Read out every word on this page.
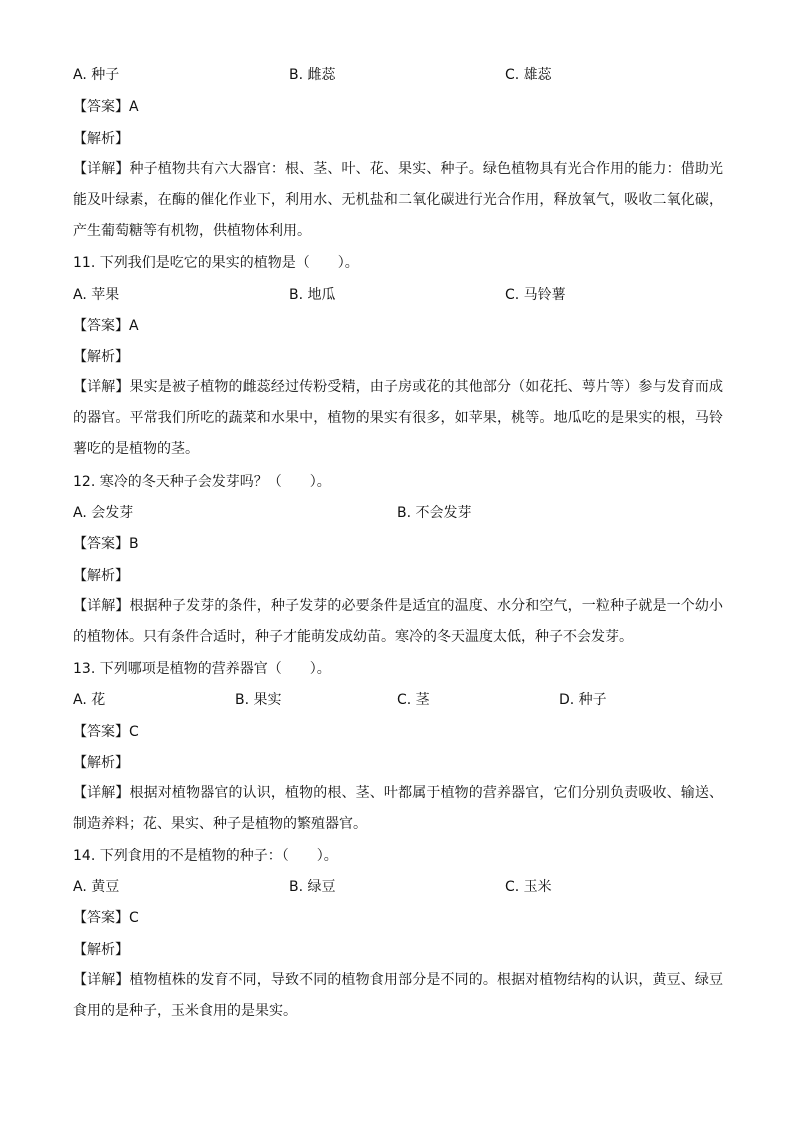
A. 种子	B. 雌蕊	C. 雄蕊
【答案】A
【解析】
【详解】种子植物共有六大器官：根、茎、叶、花、果实、种子。绿色植物具有光合作用的能力：借助光能及叶绿素，在酶的催化作业下，利用水、无机盐和二氧化碳进行光合作用，释放氧气，吸收二氧化碳，产生葡萄糖等有机物，供植物体利用。
11. 下列我们是吃它的果实的植物是（　　）。
A. 苹果	B. 地瓜	C. 马铃薯
【答案】A
【解析】
【详解】果实是被子植物的雌蕊经过传粉受精，由子房或花的其他部分（如花托、萼片等）参与发育而成的器官。平常我们所吃的蔬菜和水果中，植物的果实有很多，如苹果，桃等。地瓜吃的是果实的根，马铃薯吃的是植物的茎。
12. 寒冷的冬天种子会发芽吗？（　　）。
A. 会发芽	B. 不会发芽
【答案】B
【解析】
【详解】根据种子发芽的条件，种子发芽的必要条件是适宜的温度、水分和空气，一粒种子就是一个幼小的植物体。只有条件合适时，种子才能萌发成幼苗。寒冷的冬天温度太低，种子不会发芽。
13. 下列哪项是植物的营养器官（　　）。
A. 花	B. 果实	C. 茎	D. 种子
【答案】C
【解析】
【详解】根据对植物器官的认识，植物的根、茎、叶都属于植物的营养器官，它们分别负责吸收、输送、制造养料；花、果实、种子是植物的繁殖器官。
14. 下列食用的不是植物的种子：（　　）。
A. 黄豆	B. 绿豆	C. 玉米
【答案】C
【解析】
【详解】植物植株的发育不同，导致不同的植物食用部分是不同的。根据对植物结构的认识，黄豆、绿豆食用的是种子，玉米食用的是果实。
